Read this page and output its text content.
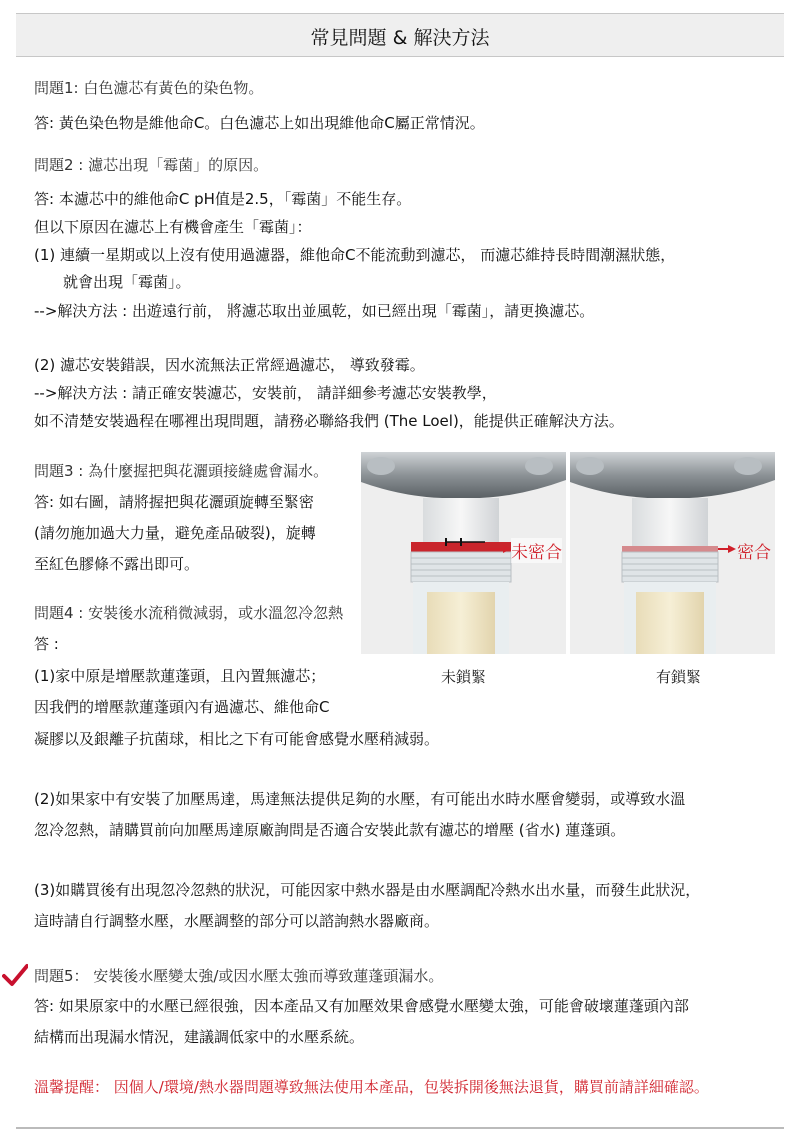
常見問題 & 解決方法
問題1: 白色濾芯有黃色的染色物。
答: 黃色染色物是維他命C。白色濾芯上如出現維他命C屬正常情況。
問題2 : 濾芯出現「霉菌」的原因。
答: 本濾芯中的維他命C pH值是2.5，「霉菌」不能生存。
但以下原因在濾芯上有機會產生「霉菌」：
(1) 連續一星期或以上沒有使用過濾器，維他命C不能流動到濾芯， 而濾芯維持長時間潮濕狀態，
就會出現「霉菌」。
-->解決方法 : 出遊遠行前， 將濾芯取出並風乾，如已經出現「霉菌」，請更換濾芯。
(2) 濾芯安裝錯誤，因水流無法正常經過濾芯， 導致發霉。
-->解決方法 : 請正確安裝濾芯，安裝前， 請詳細參考濾芯安裝教學，
如不清楚安裝過程在哪裡出現問題，請務必聯絡我們 (The Loel)，能提供正確解決方法。
問題3 : 為什麼握把與花灑頭接縫處會漏水。
答: 如右圖，請將握把與花灑頭旋轉至緊密
(請勿施加過大力量，避免產品破裂)，旋轉
至紅色膠條不露出即可。
未密合	密合
未鎖緊	有鎖緊
問題4 : 安裝後水流稍微減弱，或水溫忽冷忽熱
答 :
(1)家中原是增壓款蓮蓬頭，且內置無濾芯；
因我們的增壓款蓮蓬頭內有過濾芯、維他命C
凝膠以及銀離子抗菌球，相比之下有可能會感覺水壓稍減弱。
(2)如果家中有安裝了加壓馬達，馬達無法提供足夠的水壓，有可能出水時水壓會變弱，或導致水溫
忽冷忽熱，請購買前向加壓馬達原廠詢問是否適合安裝此款有濾芯的增壓 (省水) 蓮蓬頭。
(3)如購買後有出現忽冷忽熱的狀況，可能因家中熱水器是由水壓調配冷熱水出水量，而發生此狀況，
這時請自行調整水壓，水壓調整的部分可以諮詢熱水器廠商。
問題5： 安裝後水壓變太強/或因水壓太強而導致蓮蓬頭漏水。
答: 如果原家中的水壓已經很強，因本產品又有加壓效果會感覺水壓變太強，可能會破壞蓮蓬頭內部
結構而出現漏水情況，建議調低家中的水壓系統。
溫馨提醒： 因個人/環境/熱水器問題導致無法使用本產品，包裝拆開後無法退貨，購買前請詳細確認。
